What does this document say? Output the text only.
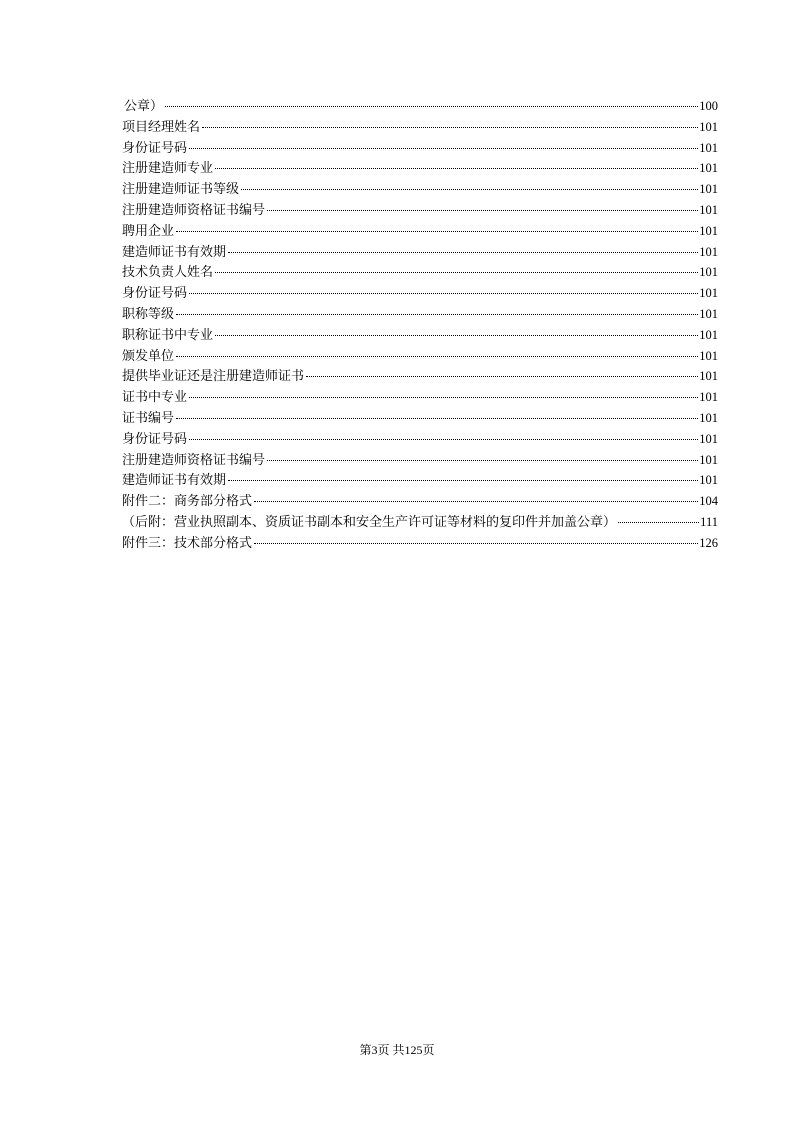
公章）	100
项目经理姓名	101
身份证号码	101
注册建造师专业	101
注册建造师证书等级	101
注册建造师资格证书编号	101
聘用企业	101
建造师证书有效期	101
技术负责人姓名	101
身份证号码	101
职称等级	101
职称证书中专业	101
颁发单位	101
提供毕业证还是注册建造师证书	101
证书中专业	101
证书编号	101
身份证号码	101
注册建造师资格证书编号	101
建造师证书有效期	101
附件二：商务部分格式	104
（后附：营业执照副本、资质证书副本和安全生产许可证等材料的复印件并加盖公章）	111
附件三：技术部分格式	126
第3页 共125页
